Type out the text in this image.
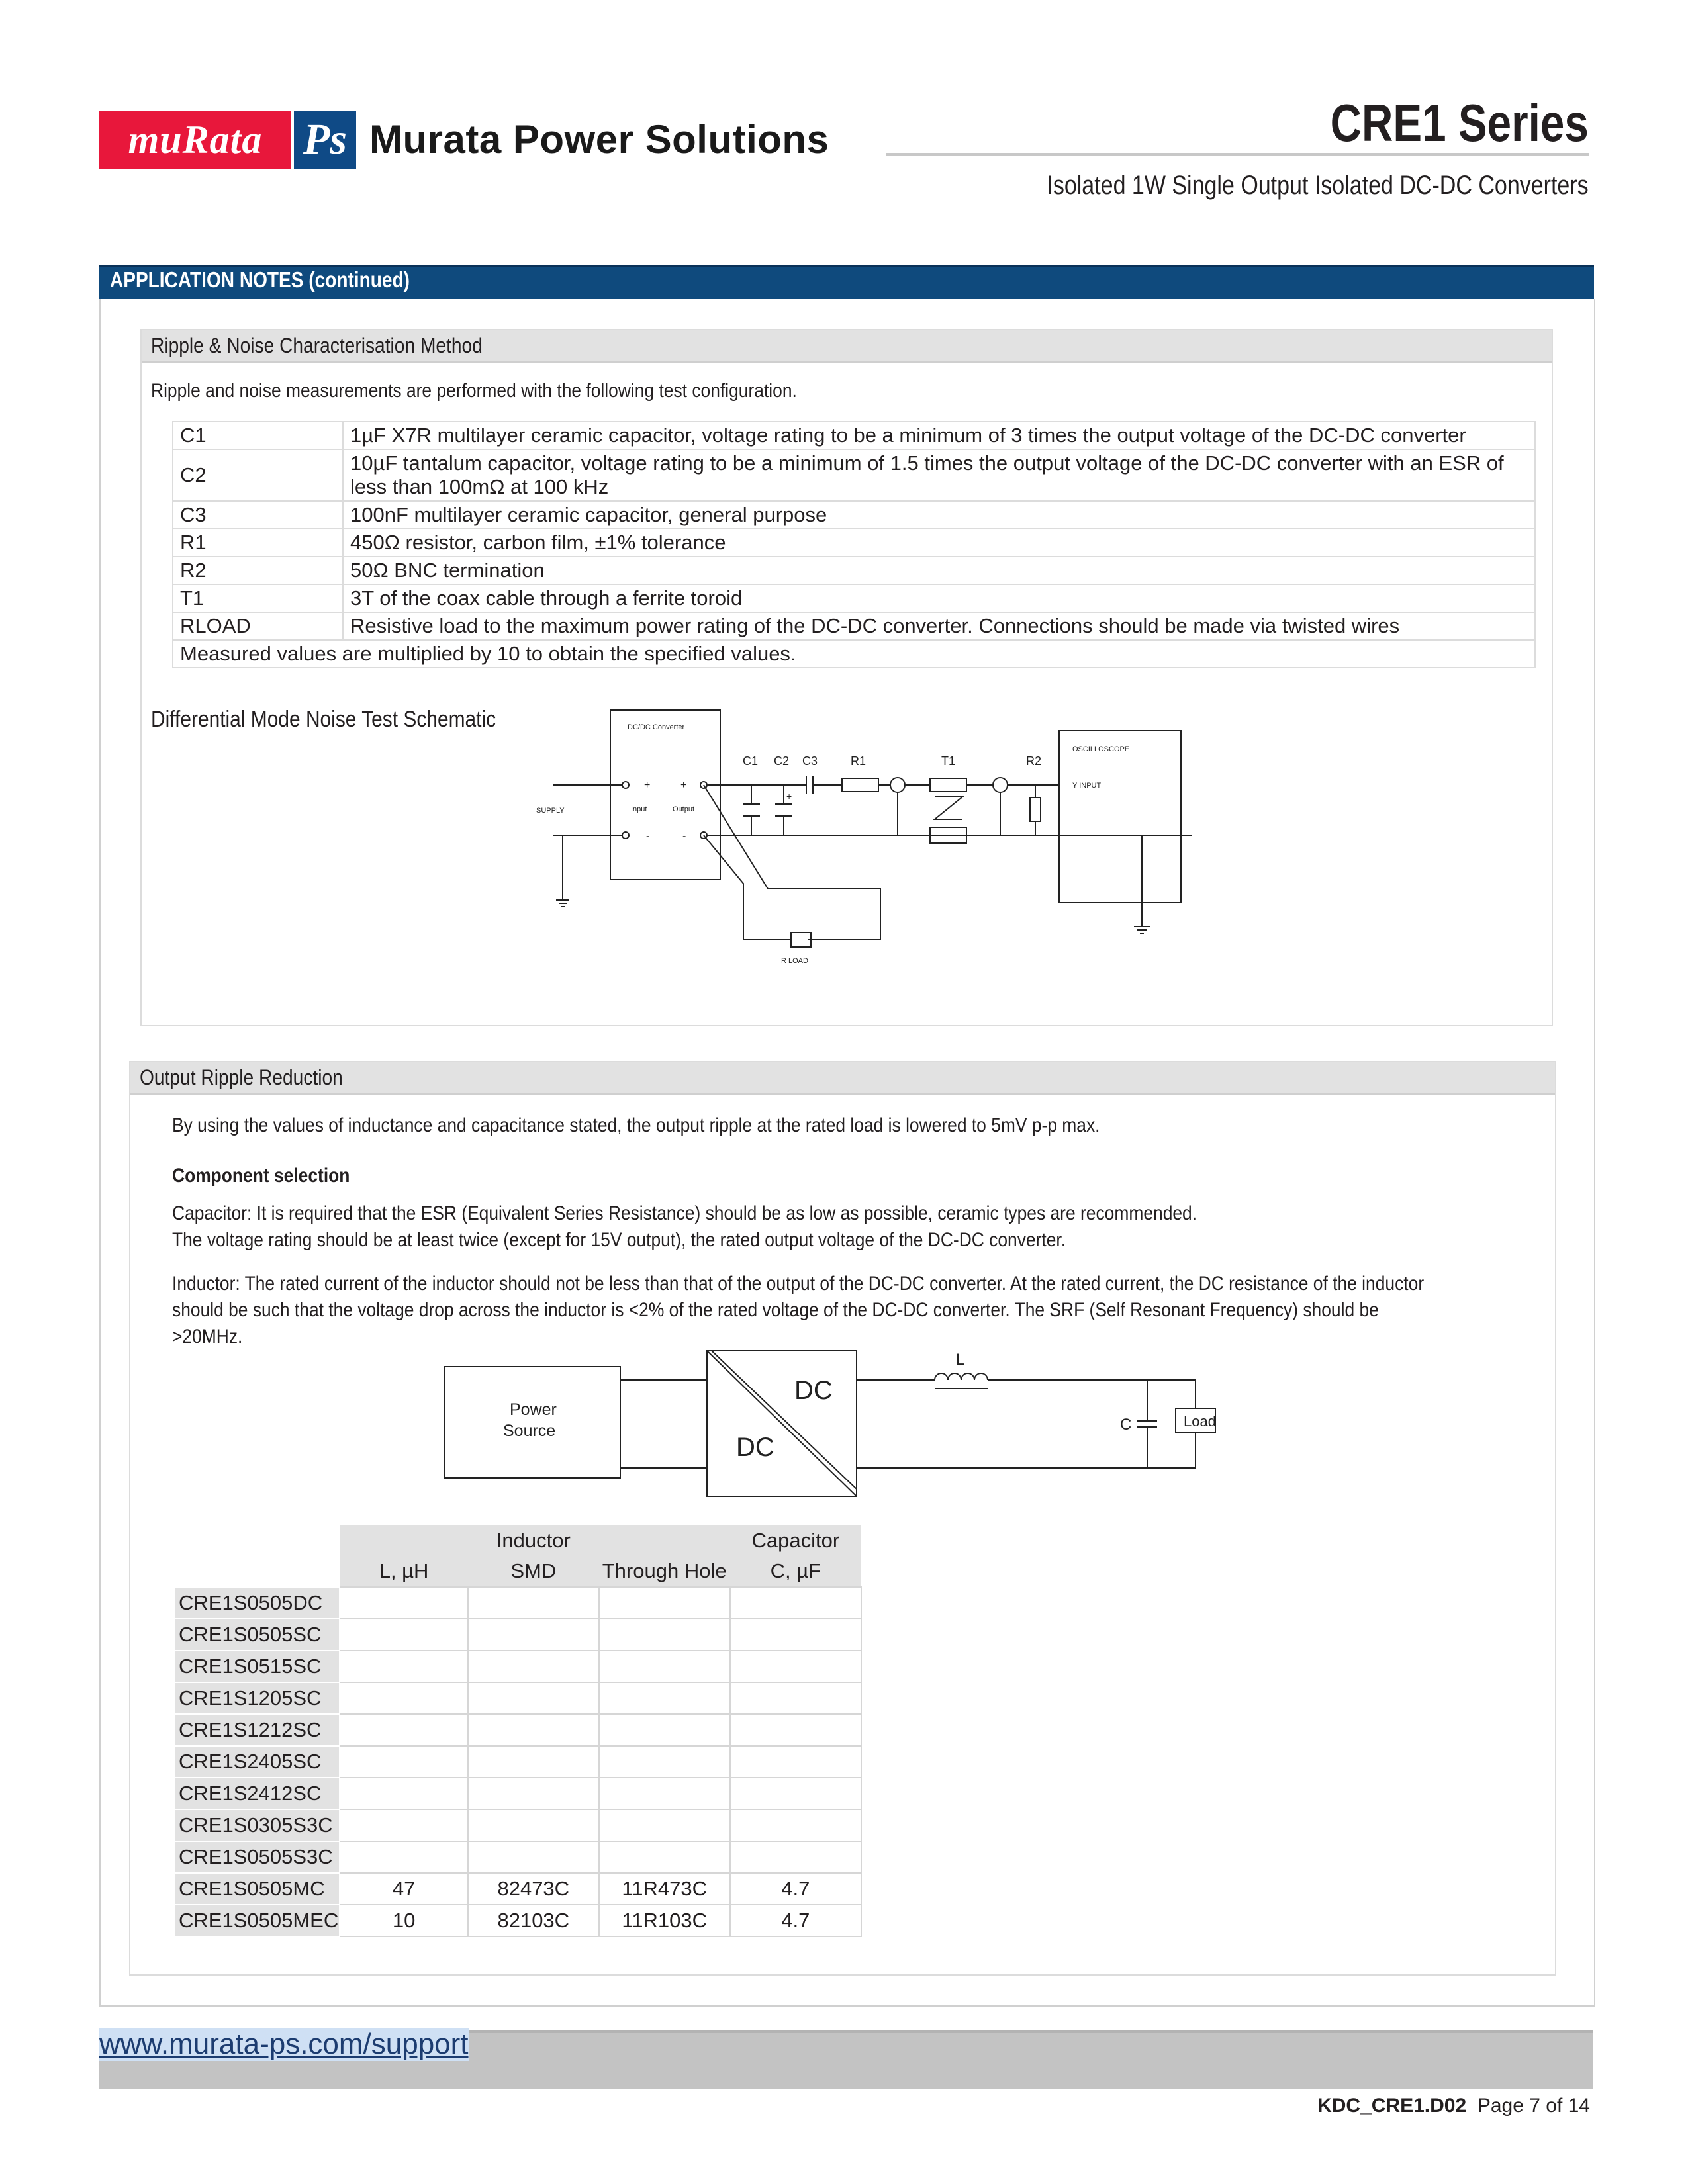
muRata Ps Murata Power Solutions	CRE1 Series
Isolated 1W Single Output Isolated DC-DC Converters
APPLICATION NOTES (continued)
Ripple & Noise Characterisation Method
Ripple and noise measurements are performed with the following test configuration.
C1	1µF X7R multilayer ceramic capacitor, voltage rating to be a minimum of 3 times the output voltage of the DC-DC converter
C2	10µF tantalum capacitor, voltage rating to be a minimum of 1.5 times the output voltage of the DC-DC converter with an ESR of less than 100mΩ at 100 kHz
C3	100nF multilayer ceramic capacitor, general purpose
R1	450Ω resistor, carbon film, ±1% tolerance
R2	50Ω BNC termination
T1	3T of the coax cable through a ferrite toroid
RLOAD	Resistive load to the maximum power rating of the DC-DC converter. Connections should be made via twisted wires
Measured values are multiplied by 10 to obtain the specified values.	
Differential Mode Noise Test Schematic	DC/DC Converter
SUPPLY	Input	Output
+	+
-	-
+
C1 C2 C3	R1	T1	R2
OSCILLOSCOPE
Y INPUT
R LOAD
Output Ripple Reduction
By using the values of inductance and capacitance stated, the output ripple at the rated load is lowered to 5mV p-p max.
Component selection
Capacitor: It is required that the ESR (Equivalent Series Resistance) should be as low as possible, ceramic types are recommended.
The voltage rating should be at least twice (except for 15V output), the rated output voltage of the DC-DC converter.
Inductor: The rated current of the inductor should not be less than that of the output of the DC-DC converter. At the rated current, the DC resistance of the inductor
should be such that the voltage drop across the inductor is <2% of the rated voltage of the DC-DC converter. The SRF (Self Resonant Frequency) should be
>20MHz.
Power
Source
DC
DC
L
C	Load
		Inductor		Capacitor
	L, µH	SMD	Through Hole	C, µF
CRE1S0505DC				
CRE1S0505SC				
CRE1S0515SC				
CRE1S1205SC				
CRE1S1212SC				
CRE1S2405SC				
CRE1S2412SC				
CRE1S0305S3C				
CRE1S0505S3C				
CRE1S0505MC	47	82473C	11R473C	4.7
CRE1S0505MEC	10	82103C	11R103C	4.7
www.murata-ps.com/support
KDC_CRE1.D02 Page 7 of 14
